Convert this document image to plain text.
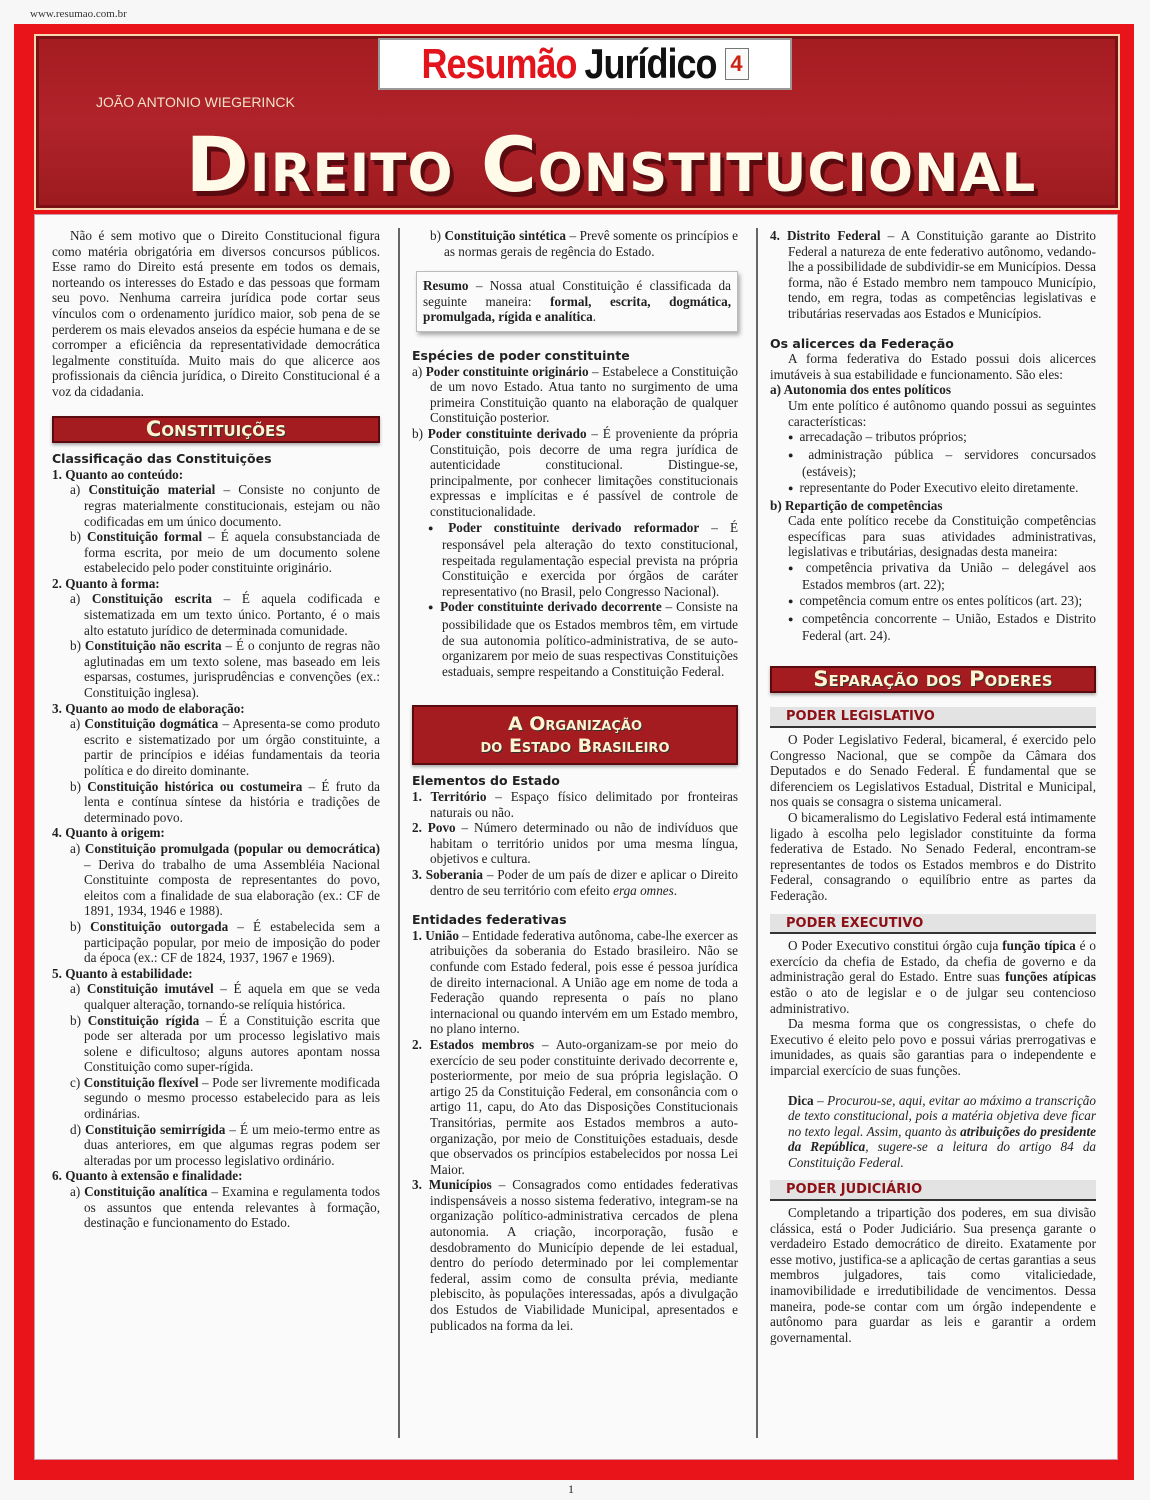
www.resumao.com.br
JOÃO ANTONIO WIEGERINCK
Direito Constitucional
Resumão Jurídico 4

Não é sem motivo que o Direito Constitucional figura como matéria obrigatória em diversos concursos públicos. Esse ramo do Direito está presente em todos os demais, norteando os interesses do Estado e das pessoas que formam seu povo. Nenhuma carreira jurídica pode cortar seus vínculos com o ordenamento jurídico maior, sob pena de se perderem os mais elevados anseios da espécie humana e de se corromper a eficiência da representatividade democrática legalmente constituída. Muito mais do que alicerce aos profissionais da ciência jurídica, o Direito Constitucional é a voz da cidadania.

Constituições
Classificação das Constituições
1. Quanto ao conteúdo:

a) Constituição material – Consiste no conjunto de regras materialmente constitucionais, estejam ou não codificadas em um único documento.

b) Constituição formal – É aquela consubstanciada de forma escrita, por meio de um documento solene estabelecido pelo poder constituinte originário.

2. Quanto à forma:

a) Constituição escrita – É aquela codificada e sistematizada em um texto único. Portanto, é o mais alto estatuto jurídico de determinada comunidade.

b) Constituição não escrita – É o conjunto de regras não aglutinadas em um texto solene, mas baseado em leis esparsas, costumes, jurisprudências e convenções (ex.: Constituição inglesa).

3. Quanto ao modo de elaboração:

a) Constituição dogmática – Apresenta-se como produto escrito e sistematizado por um órgão constituinte, a partir de princípios e idéias fundamentais da teoria política e do direito dominante.

b) Constituição histórica ou costumeira – É fruto da lenta e contínua síntese da história e tradições de determinado povo.

4. Quanto à origem:

a) Constituição promulgada (popular ou democrática) – Deriva do trabalho de uma Assembléia Nacional Constituinte composta de representantes do povo, eleitos com a finalidade de sua elaboração (ex.: CF de 1891, 1934, 1946 e 1988).

b) Constituição outorgada – É estabelecida sem a participação popular, por meio de imposição do poder da época (ex.: CF de 1824, 1937, 1967 e 1969).

5. Quanto à estabilidade:

a) Constituição imutável – É aquela em que se veda qualquer alteração, tornando-se relíquia histórica.

b) Constituição rígida – É a Constituição escrita que pode ser alterada por um processo legislativo mais solene e dificultoso; alguns autores apontam nossa Constituição como super-rígida.

c) Constituição flexível – Pode ser livremente modificada segundo o mesmo processo estabelecido para as leis ordinárias.

d) Constituição semirrígida – É um meio-termo entre as duas anteriores, em que algumas regras podem ser alteradas por um processo legislativo ordinário.

6. Quanto à extensão e finalidade:

a) Constituição analítica – Examina e regulamenta todos os assuntos que entenda relevantes à formação, destinação e funcionamento do Estado.

b) Constituição sintética – Prevê somente os princípios e as normas gerais de regência do Estado.

Resumo – Nossa atual Constituição é classificada da seguinte maneira: formal, escrita, dogmática, promulgada, rígida e analítica.
Espécies de poder constituinte

a) Poder constituinte originário – Estabelece a Constituição de um novo Estado. Atua tanto no surgimento de uma primeira Constituição quanto na elaboração de qualquer Constituição posterior.

b) Poder constituinte derivado – É proveniente da própria Constituição, pois decorre de uma regra jurídica de autenticidade constitucional. Distingue-se, principalmente, por conhecer limitações constitucionais expressas e implícitas e é passível de controle de constitucionalidade.

● Poder constituinte derivado reformador – É responsável pela alteração do texto constitucional, respeitada regulamentação especial prevista na própria Constituição e exercida por órgãos de caráter representativo (no Brasil, pelo Congresso Nacional).

● Poder constituinte derivado decorrente – Consiste na possibilidade que os Estados membros têm, em virtude de sua autonomia político-administrativa, de se auto-organizarem por meio de suas respectivas Constituições estaduais, sempre respeitando a Constituição Federal.

A Organização
do Estado Brasileiro
Elementos do Estado

1. Território – Espaço físico delimitado por fronteiras naturais ou não.

2. Povo – Número determinado ou não de indivíduos que habitam o território unidos por uma mesma língua, objetivos e cultura.

3. Soberania – Poder de um país de dizer e aplicar o Direito dentro de seu território com efeito erga omnes.

Entidades federativas

1. União – Entidade federativa autônoma, cabe-lhe exercer as atribuições da soberania do Estado brasileiro. Não se confunde com Estado federal, pois esse é pessoa jurídica de direito internacional. A União age em nome de toda a Federação quando representa o país no plano internacional ou quando intervém em um Estado membro, no plano interno.

2. Estados membros – Auto-organizam-se por meio do exercício de seu poder constituinte derivado decorrente e, posteriormente, por meio de sua própria legislação. O artigo 25 da Constituição Federal, em consonância com o artigo 11, capu, do Ato das Disposições Constitucionais Transitórias, permite aos Estados membros a auto-organização, por meio de Constituições estaduais, desde que observados os princípios estabelecidos por nossa Lei Maior.

3. Municípios – Consagrados como entidades federativas indispensáveis a nosso sistema federativo, integram-se na organização político-administrativa cercados de plena autonomia. A criação, incorporação, fusão e desdobramento do Município depende de lei estadual, dentro do período determinado por lei complementar federal, assim como de consulta prévia, mediante plebiscito, às populações interessadas, após a divulgação dos Estudos de Viabilidade Municipal, apresentados e publicados na forma da lei.

4. Distrito Federal – A Constituição garante ao Distrito Federal a natureza de ente federativo autônomo, vedando-lhe a possibilidade de subdividir-se em Municípios. Dessa forma, não é Estado membro nem tampouco Município, tendo, em regra, todas as competências legislativas e tributárias reservadas aos Estados e Municípios.

Os alicerces da Federação

A forma federativa do Estado possui dois alicerces imutáveis à sua estabilidade e funcionamento. São eles:

a) Autonomia dos entes políticos

Um ente político é autônomo quando possui as seguintes características:

● arrecadação – tributos próprios;

● administração pública – servidores concursados (estáveis);

● representante do Poder Executivo eleito diretamente.

b) Repartição de competências

Cada ente político recebe da Constituição competências específicas para suas atividades administrativas, legislativas e tributárias, designadas desta maneira:

● competência privativa da União – delegável aos Estados membros (art. 22);

● competência comum entre os entes políticos (art. 23);

● competência concorrente – União, Estados e Distrito Federal (art. 24).

Separação dos Poderes
PODER LEGISLATIVO

O Poder Legislativo Federal, bicameral, é exercido pelo Congresso Nacional, que se compõe da Câmara dos Deputados e do Senado Federal. É fundamental que se diferenciem os Legislativos Estadual, Distrital e Municipal, nos quais se consagra o sistema unicameral.

O bicameralismo do Legislativo Federal está intimamente ligado à escolha pelo legislador constituinte da forma federativa de Estado. No Senado Federal, encontram-se representantes de todos os Estados membros e do Distrito Federal, consagrando o equilíbrio entre as partes da Federação.

PODER EXECUTIVO

O Poder Executivo constitui órgão cuja função típica é o exercício da chefia de Estado, da chefia de governo e da administração geral do Estado. Entre suas funções atípicas estão o ato de legislar e o de julgar seu contencioso administrativo.

Da mesma forma que os congressistas, o chefe do Executivo é eleito pelo povo e possui várias prerrogativas e imunidades, as quais são garantias para o independente e imparcial exercício de suas funções.

Dica – Procurou-se, aqui, evitar ao máximo a transcrição de texto constitucional, pois a matéria objetiva deve ficar no texto legal. Assim, quanto às atribuições do presidente da República, sugere-se a leitura do artigo 84 da Constituição Federal.

PODER JUDICIÁRIO

Completando a tripartição dos poderes, em sua divisão clássica, está o Poder Judiciário. Sua presença garante o verdadeiro Estado democrático de direito. Exatamente por esse motivo, justifica-se a aplicação de certas garantias a seus membros julgadores, tais como vitaliciedade, inamovibilidade e irredutibilidade de vencimentos. Dessa maneira, pode-se contar com um órgão independente e autônomo para guardar as leis e garantir a ordem governamental.

1
